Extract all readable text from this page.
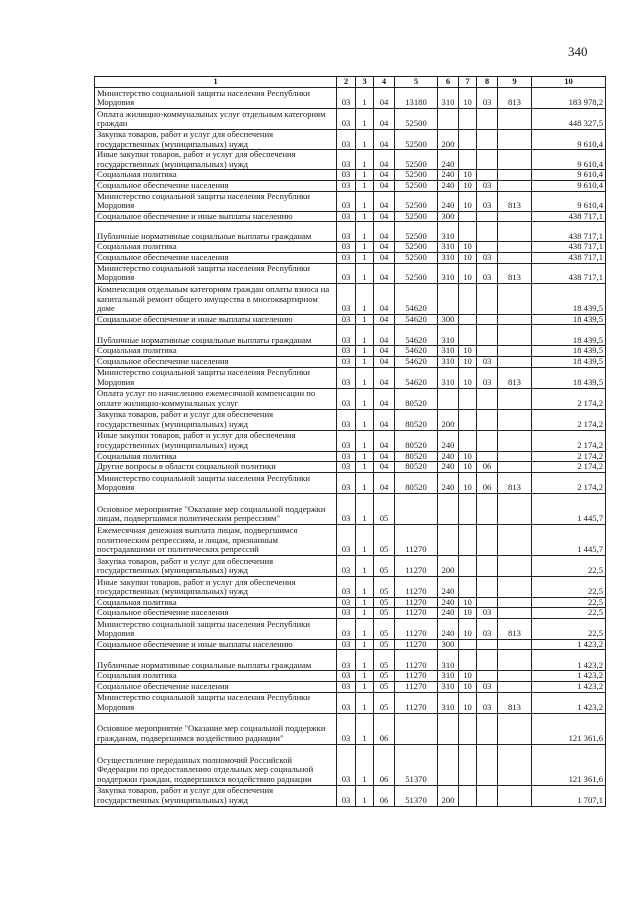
340
1	2	3	4	5	6	7	8	9	10
Министерство социальной защиты населения Республики Мордовия	03	1	04	13180	310	10	03	813	183 978,2
Оплата жилищно-коммунальных услуг отдельным категориям граждан	03	1	04	52500					448 327,5
Закупка товаров, работ и услуг для обеспечения государственных (муниципальных) нужд	03	1	04	52500	200				9 610,4
Иные закупки товаров, работ и услуг для обеспечения государственных (муниципальных) нужд	03	1	04	52500	240				9 610,4
Социальная политика	03	1	04	52500	240	10			9 610,4
Социальное обеспечение населения	03	1	04	52500	240	10	03		9 610,4
Министерство социальной защиты населения Республики Мордовия	03	1	04	52500	240	10	03	813	9 610,4
Социальное обеспечение и иные выплаты населению	03	1	04	52500	300				438 717,1
Публичные нормативные социальные выплаты гражданам	03	1	04	52500	310				438 717,1
Социальная политика	03	1	04	52500	310	10			438 717,1
Социальное обеспечение населения	03	1	04	52500	310	10	03		438 717,1
Министерство социальной защиты населения Республики Мордовия	03	1	04	52500	310	10	03	813	438 717,1
Компенсация отдельным категориям граждан оплаты взноса на капитальный ремонт общего имущества в многоквартирном доме	03	1	04	54620					18 439,5
Социальное обеспечение и иные выплаты населению	03	1	04	54620	300				18 439,5
Публичные нормативные социальные выплаты гражданам	03	1	04	54620	310				18 439,5
Социальная политика	03	1	04	54620	310	10			18 439,5
Социальное обеспечение населения	03	1	04	54620	310	10	03		18 439,5
Министерство социальной защиты населения Республики Мордовия	03	1	04	54620	310	10	03	813	18 439,5
Оплата услуг по начислению ежемесячной компенсации по оплате жилищно-коммунальных услуг	03	1	04	80520					2 174,2
Закупка товаров, работ и услуг для обеспечения государственных (муниципальных) нужд	03	1	04	80520	200				2 174,2
Иные закупки товаров, работ и услуг для обеспечения государственных (муниципальных) нужд	03	1	04	80520	240				2 174,2
Социальная политика	03	1	04	80520	240	10			2 174,2
Другие вопросы в области социальной политики	03	1	04	80520	240	10	06		2 174,2
Министерство социальной защиты населения Республики Мордовия	03	1	04	80520	240	10	06	813	2 174,2
Основное мероприятие "Оказание мер социальной поддержки лицам, подвергшимся политическим репрессиям"	03	1	05						1 445,7
Ежемесячная денежная выплата лицам, подвергшимся политическим репрессиям, и лицам, признанным пострадавшими от политических репрессий	03	1	05	11270					1 445,7
Закупка товаров, работ и услуг для обеспечения государственных (муниципальных) нужд	03	1	05	11270	200				22,5
Иные закупки товаров, работ и услуг для обеспечения государственных (муниципальных) нужд	03	1	05	11270	240				22,5
Социальная политика	03	1	05	11270	240	10			22,5
Социальное обеспечение населения	03	1	05	11270	240	10	03		22,5
Министерство социальной защиты населения Республики Мордовия	03	1	05	11270	240	10	03	813	22,5
Социальное обеспечение и иные выплаты населению	03	1	05	11270	300				1 423,2
Публичные нормативные социальные выплаты гражданам	03	1	05	11270	310				1 423,2
Социальная политика	03	1	05	11270	310	10			1 423,2
Социальное обеспечение населения	03	1	05	11270	310	10	03		1 423,2
Министерство социальной защиты населения Республики Мордовия	03	1	05	11270	310	10	03	813	1 423,2
Основное мероприятие "Оказание мер социальной поддержки гражданам, подвергшимся воздействию радиации"	03	1	06						121 361,6
Осуществление переданных полномочий Российской Федерации по предоставлению отдельных мер социальной поддержки граждан, подвергшихся воздействию радиации	03	1	06	51370					121 361,6
Закупка товаров, работ и услуг для обеспечения государственных (муниципальных) нужд	03	1	06	51370	200				1 707,1
